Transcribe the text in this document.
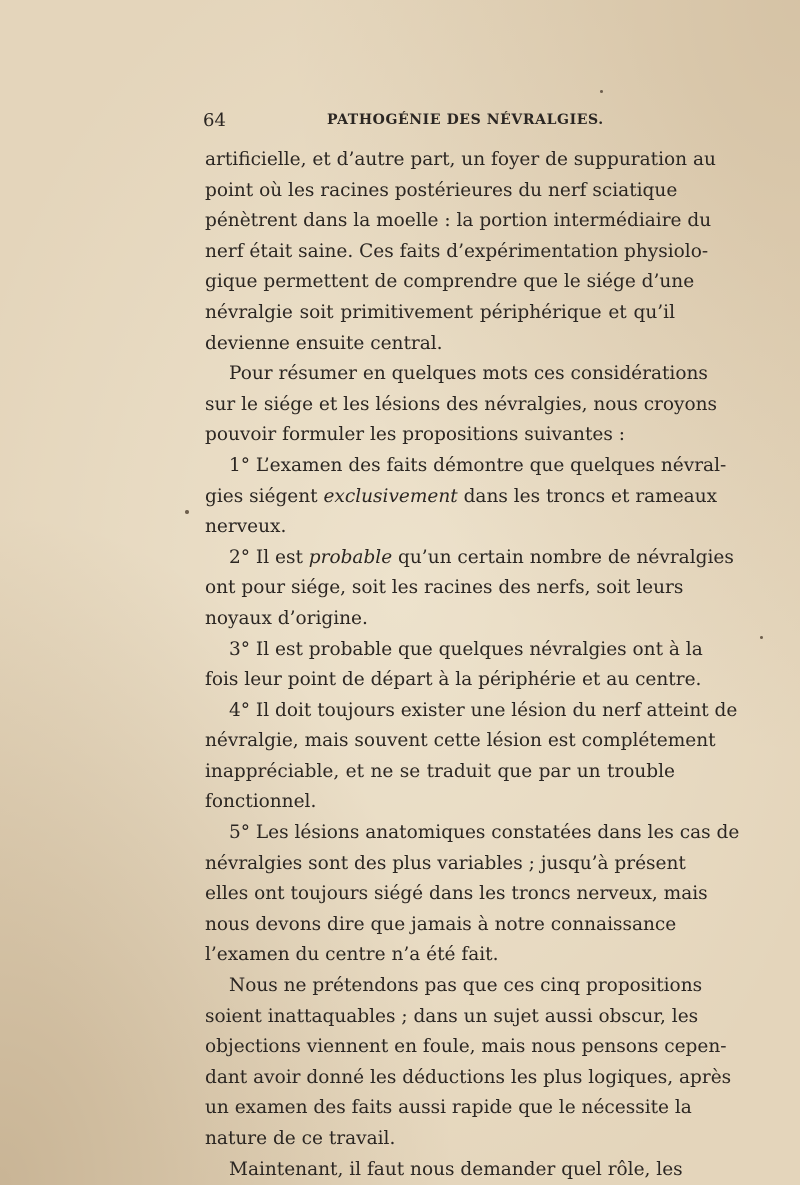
64	PATHOGÉNIE DES NÉVRALGIES.
artificielle, et d’autre part, un foyer de suppuration au
point où les racines postérieures du nerf sciatique
pénètrent dans la moelle : la portion intermédiaire du
nerf était saine. Ces faits d’expérimentation physiolo-
gique permettent de comprendre que le siége d’une
névralgie soit primitivement périphérique et qu’il
devienne ensuite central.
Pour résumer en quelques mots ces considérations
sur le siége et les lésions des névralgies, nous croyons
pouvoir formuler les propositions suivantes :
1° L’examen des faits démontre que quelques névral-
gies siégent exclusivement dans les troncs et rameaux
nerveux.
2° Il est probable qu’un certain nombre de névralgies
ont pour siége, soit les racines des nerfs, soit leurs
noyaux d’origine.
3° Il est probable que quelques névralgies ont à la
fois leur point de départ à la périphérie et au centre.
4° Il doit toujours exister une lésion du nerf atteint de
névralgie, mais souvent cette lésion est complétement
inappréciable, et ne se traduit que par un trouble
fonctionnel.
5° Les lésions anatomiques constatées dans les cas de
névralgies sont des plus variables ; jusqu’à présent
elles ont toujours siégé dans les troncs nerveux, mais
nous devons dire que jamais à notre connaissance
l’examen du centre n’a été fait.
Nous ne prétendons pas que ces cinq propositions
soient inattaquables ; dans un sujet aussi obscur, les
objections viennent en foule, mais nous pensons cepen-
dant avoir donné les déductions les plus logiques, après
un examen des faits aussi rapide que le nécessite la
nature de ce travail.
Maintenant, il faut nous demander quel rôle, les
